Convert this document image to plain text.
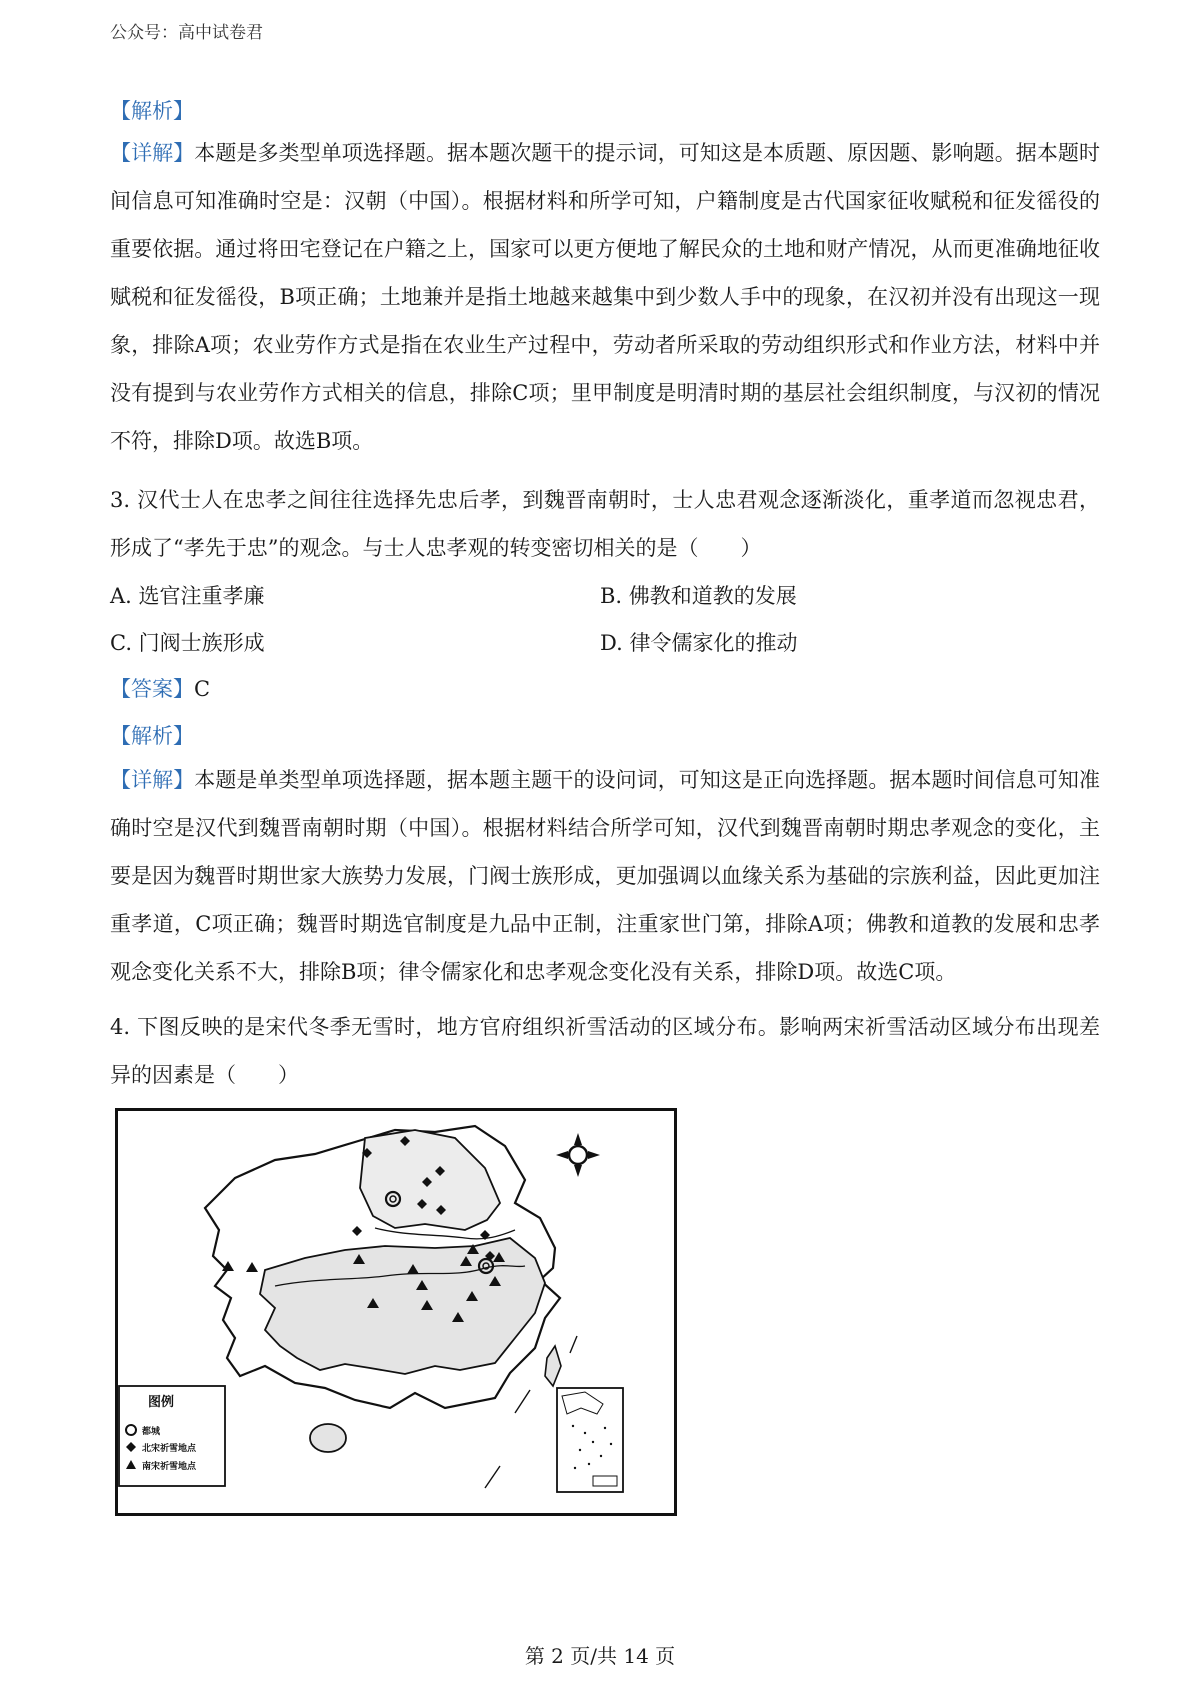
公众号：高中试卷君
【解析】
【详解】本题是多类型单项选择题。据本题次题干的提示词，可知这是本质题、原因题、影响题。据本题时间信息可知准确时空是：汉朝（中国）。根据材料和所学可知，户籍制度是古代国家征收赋税和征发徭役的重要依据。通过将田宅登记在户籍之上，国家可以更方便地了解民众的土地和财产情况，从而更准确地征收赋税和征发徭役，B项正确；土地兼并是指土地越来越集中到少数人手中的现象，在汉初并没有出现这一现象，排除A项；农业劳作方式是指在农业生产过程中，劳动者所采取的劳动组织形式和作业方法，材料中并没有提到与农业劳作方式相关的信息，排除C项；里甲制度是明清时期的基层社会组织制度，与汉初的情况不符，排除D项。故选B项。
3. 汉代士人在忠孝之间往往选择先忠后孝，到魏晋南朝时，士人忠君观念逐渐淡化，重孝道而忽视忠君，形成了“孝先于忠”的观念。与士人忠孝观的转变密切相关的是（　　）
A. 选官注重孝廉	B. 佛教和道教的发展
C. 门阀士族形成	D. 律令儒家化的推动
【答案】C
【解析】
【详解】本题是单类型单项选择题，据本题主题干的设问词，可知这是正向选择题。据本题时间信息可知准确时空是汉代到魏晋南朝时期（中国）。根据材料结合所学可知，汉代到魏晋南朝时期忠孝观念的变化，主要是因为魏晋时期世家大族势力发展，门阀士族形成，更加强调以血缘关系为基础的宗族利益，因此更加注重孝道，C项正确；魏晋时期选官制度是九品中正制，注重家世门第，排除A项；佛教和道教的发展和忠孝观念变化关系不大，排除B项；律令儒家化和忠孝观念变化没有关系，排除D项。故选C项。
4. 下图反映的是宋代冬季无雪时，地方官府组织祈雪活动的区域分布。影响两宋祈雪活动区域分布出现差异的因素是（　　）
图例
都城
北宋祈雪地点
南宋祈雪地点
第 2 页/共 14 页
